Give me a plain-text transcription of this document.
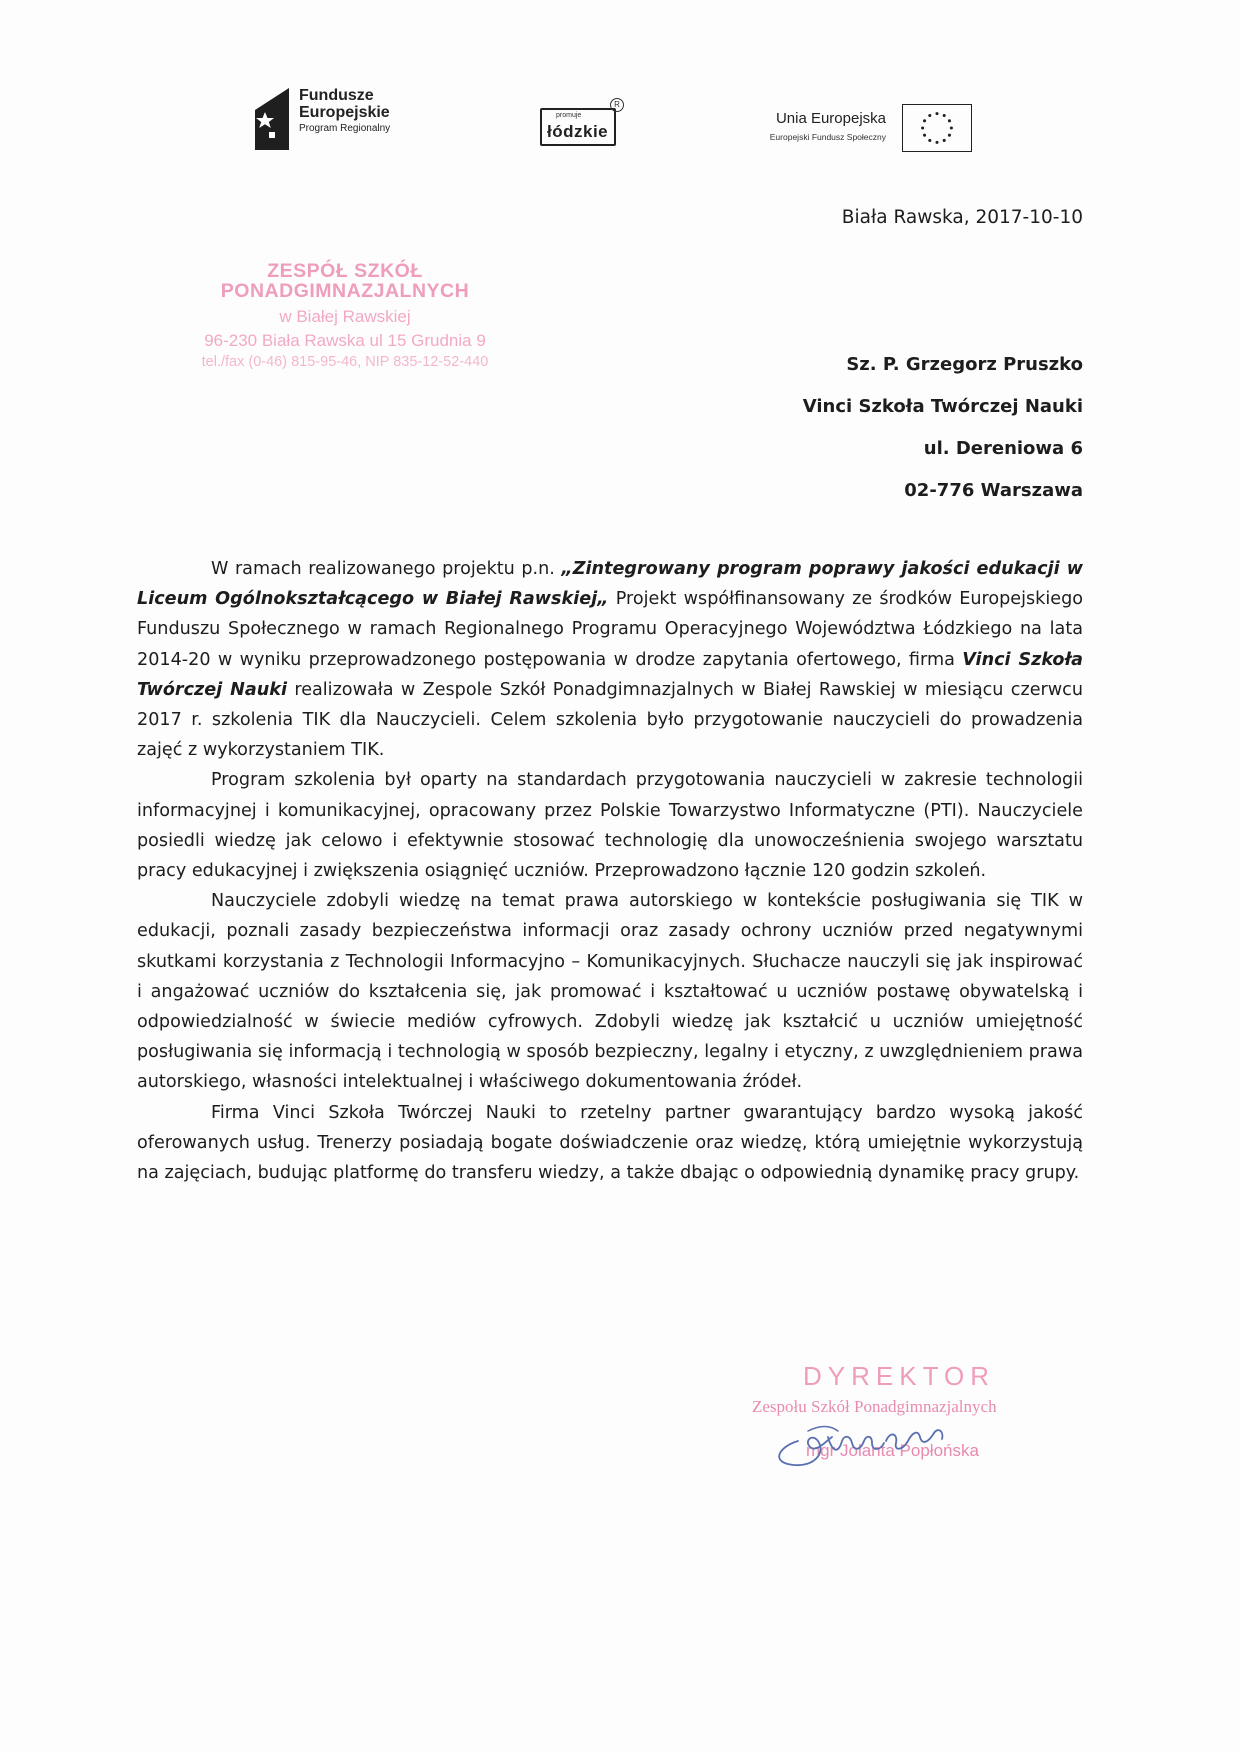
Fundusze
Europejskie
Program Regionalny
promuje
łódzkie
R
Unia Europejska
Europejski Fundusz Społeczny
Biała Rawska, 2017-10-10
ZESPÓŁ SZKÓŁ PONADGIMNAZJALNYCH
w Białej Rawskiej
96-230 Biała Rawska ul 15 Grudnia 9
tel./fax (0-46) 815-95-46, NIP 835-12-52-440	Sz. P. Grzegorz Pruszko
Vinci Szkoła Twórczej Nauki
ul. Dereniowa 6
02-776 Warszawa

W ramach realizowanego projektu p.n. „Zintegrowany program poprawy jakości edukacji w Liceum Ogólnokształcącego w Białej Rawskiej„ Projekt współfinansowany ze środków Europejskiego Funduszu Społecznego w ramach Regionalnego Programu Operacyjnego Województwa Łódzkiego na lata 2014-20 w wyniku przeprowadzonego postępowania w drodze zapytania ofertowego, firma Vinci Szkoła Twórczej Nauki realizowała w Zespole Szkół Ponadgimnazjalnych w Białej Rawskiej w miesiącu czerwcu 2017 r. szkolenia TIK dla Nauczycieli. Celem szkolenia było przygotowanie nauczycieli do prowadzenia zajęć z wykorzystaniem TIK.

Program szkolenia był oparty na standardach przygotowania nauczycieli w zakresie technologii informacyjnej i komunikacyjnej, opracowany przez Polskie Towarzystwo Informatyczne (PTI). Nauczyciele posiedli wiedzę jak celowo i efektywnie stosować technologię dla unowocześnienia swojego warsztatu pracy edukacyjnej i zwiększenia osiągnięć uczniów. Przeprowadzono łącznie 120 godzin szkoleń.

Nauczyciele zdobyli wiedzę na temat prawa autorskiego w kontekście posługiwania się TIK w edukacji, poznali zasady bezpieczeństwa informacji oraz zasady ochrony uczniów przed negatywnymi skutkami korzystania z Technologii Informacyjno – Komunikacyjnych. Słuchacze nauczyli się jak inspirować i angażować uczniów do kształcenia się, jak promować i kształtować u uczniów postawę obywatelską i odpowiedzialność w świecie mediów cyfrowych. Zdobyli wiedzę jak kształcić u uczniów umiejętność posługiwania się informacją i technologią w sposób bezpieczny, legalny i etyczny, z uwzględnieniem prawa autorskiego, własności intelektualnej i właściwego dokumentowania źródeł.

Firma Vinci Szkoła Twórczej Nauki to rzetelny partner gwarantujący bardzo wysoką jakość oferowanych usług. Trenerzy posiadają bogate doświadczenie oraz wiedzę, którą umiejętnie wykorzystują na zajęciach, budując platformę do transferu wiedzy, a także dbając o odpowiednią dynamikę pracy grupy.

DYREKTOR
Zespołu Szkół Ponadgimnazjalnych
mgr Jolanta Popłońska
